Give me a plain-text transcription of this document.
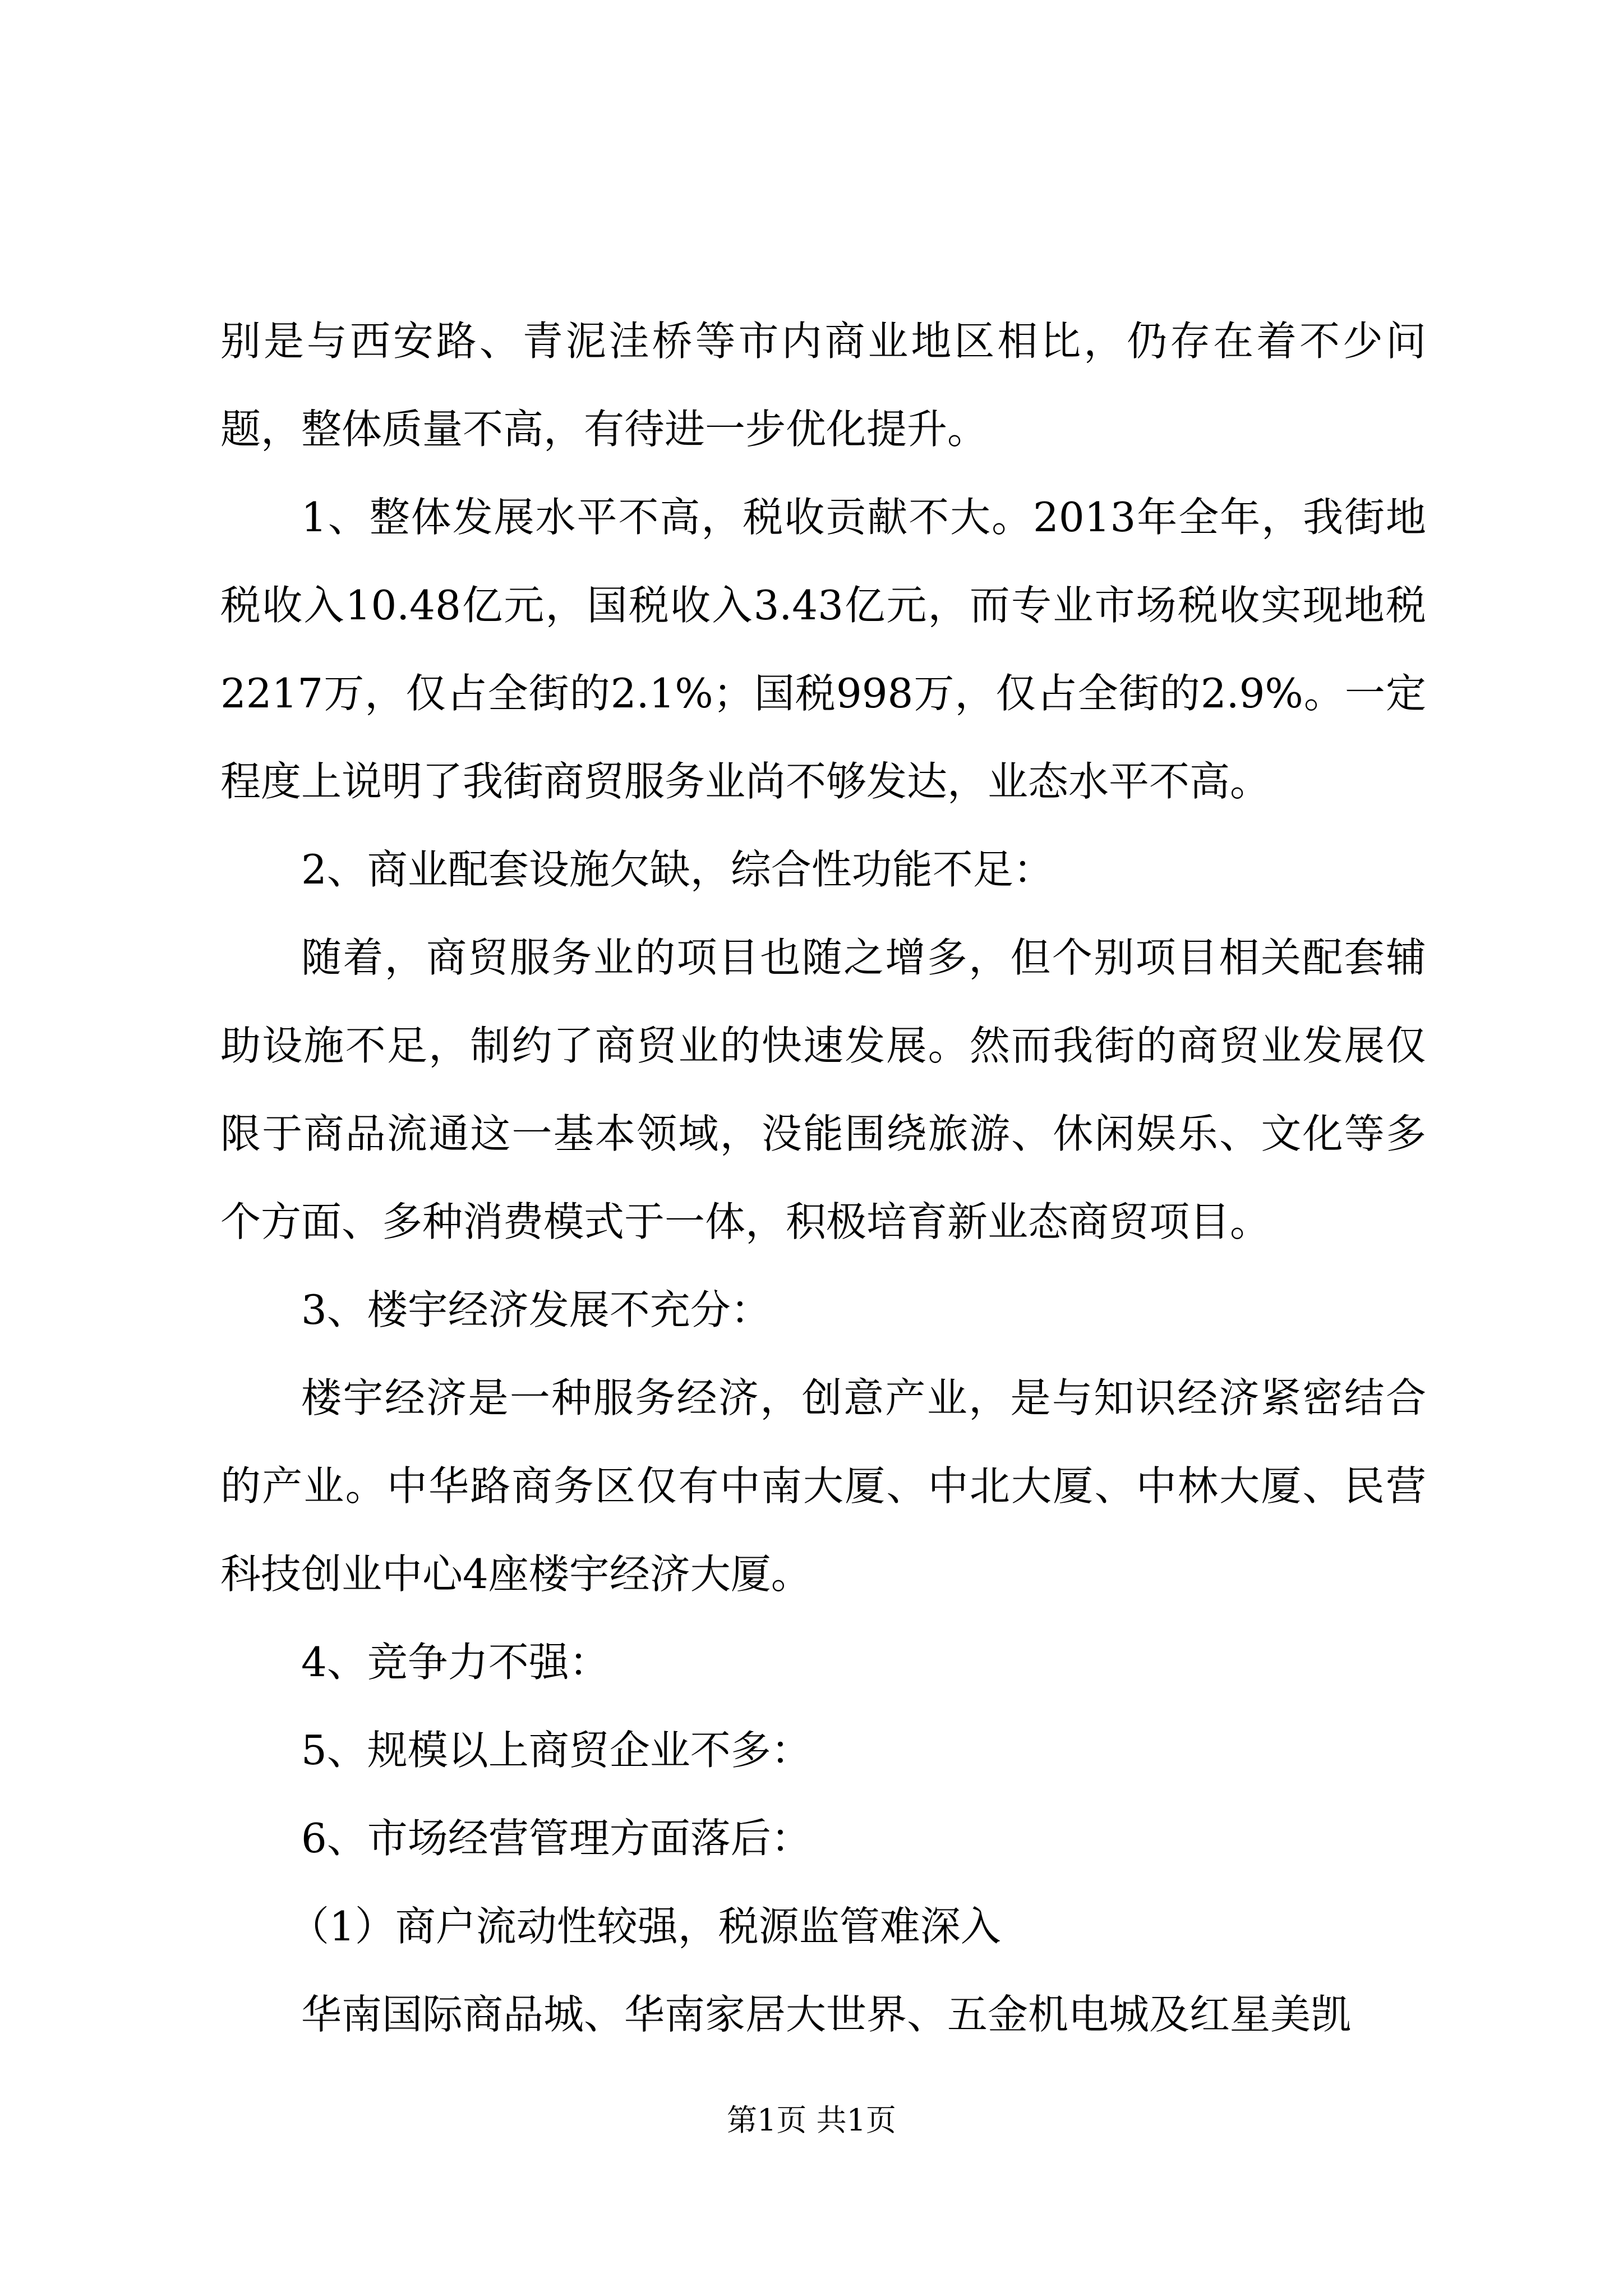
别是与西安路、青泥洼桥等市内商业地区相比，仍存在着不少问题，整体质量不高，有待进一步优化提升。

1、整体发展水平不高，税收贡献不大。2013年全年，我街地税收入10.48亿元，国税收入3.43亿元，而专业市场税收实现地税2217万，仅占全街的2.1%；国税998万，仅占全街的2.9%。一定程度上说明了我街商贸服务业尚不够发达，业态水平不高。

2、商业配套设施欠缺，综合性功能不足：

随着，商贸服务业的项目也随之增多，但个别项目相关配套辅助设施不足，制约了商贸业的快速发展。然而我街的商贸业发展仅限于商品流通这一基本领域，没能围绕旅游、休闲娱乐、文化等多个方面、多种消费模式于一体，积极培育新业态商贸项目。

3、楼宇经济发展不充分：

楼宇经济是一种服务经济，创意产业，是与知识经济紧密结合的产业。中华路商务区仅有中南大厦、中北大厦、中林大厦、民营科技创业中心4座楼宇经济大厦。

4、竞争力不强：

5、规模以上商贸企业不多：

6、市场经营管理方面落后：

（1）商户流动性较强，税源监管难深入

华南国际商品城、华南家居大世界、五金机电城及红星美凯

第1页 共1页
